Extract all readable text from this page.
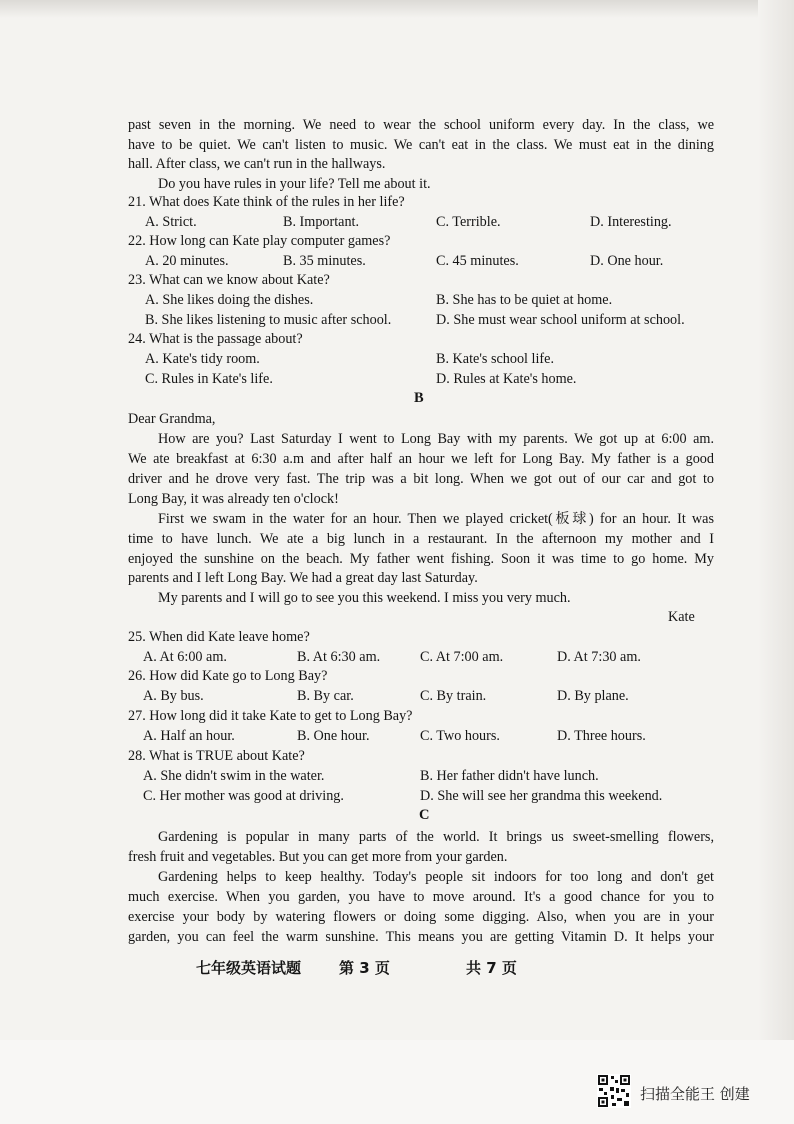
past seven in the morning. We need to wear the school uniform every day. In the class, we
have to be quiet. We can't listen to music. We can't eat in the class. We must eat in the dining
hall. After class, we can't run in the hallways.
Do you have rules in your life? Tell me about it.
21. What does Kate think of the rules in her life?
A. Strict.	B. Important.	C. Terrible.	D. Interesting.
22. How long can Kate play computer games?
A. 20 minutes.	B. 35 minutes.	C. 45 minutes.	D. One hour.
23. What can we know about Kate?
A. She likes doing the dishes.	B. She has to be quiet at home.
B. She likes listening to music after school.	D. She must wear school uniform at school.
24. What is the passage about?
A. Kate's tidy room.	B. Kate's school life.
C. Rules in Kate's life.	D. Rules at Kate's home.
B
Dear Grandma,
How are you? Last Saturday I went to Long Bay with my parents. We got up at 6:00 am.
We ate breakfast at 6:30 a.m and after half an hour we left for Long Bay. My father is a good
driver and he drove very fast. The trip was a bit long. When we got out of our car and got to
Long Bay, it was already ten o'clock!
First we swam in the water for an hour. Then we played cricket(板球) for an hour. It was
time to have lunch. We ate a big lunch in a restaurant. In the afternoon my mother and I
enjoyed the sunshine on the beach. My father went fishing. Soon it was time to go home. My
parents and I left Long Bay. We had a great day last Saturday.
My parents and I will go to see you this weekend. I miss you very much.
Kate
25. When did Kate leave home?
A. At 6:00 am.	B. At 6:30 am.	C. At 7:00 am.	D. At 7:30 am.
26. How did Kate go to Long Bay?
A. By bus.	B. By car.	C. By train.	D. By plane.
27. How long did it take Kate to get to Long Bay?
A. Half an hour.	B. One hour.	C. Two hours.	D. Three hours.
28. What is TRUE about Kate?
A. She didn't swim in the water.	B. Her father didn't have lunch.
C. Her mother was good at driving.	D. She will see her grandma this weekend.
C
Gardening is popular in many parts of the world. It brings us sweet-smelling flowers,
fresh fruit and vegetables. But you can get more from your garden.
Gardening helps to keep healthy. Today's people sit indoors for too long and don't get
much exercise. When you garden, you have to move around. It's a good chance for you to
exercise your body by watering flowers or doing some digging. Also, when you are in your
garden, you can feel the warm sunshine. This means you are getting Vitamin D. It helps your
七年级英语试题	第 3 页	共 7 页
扫描全能王 创建
